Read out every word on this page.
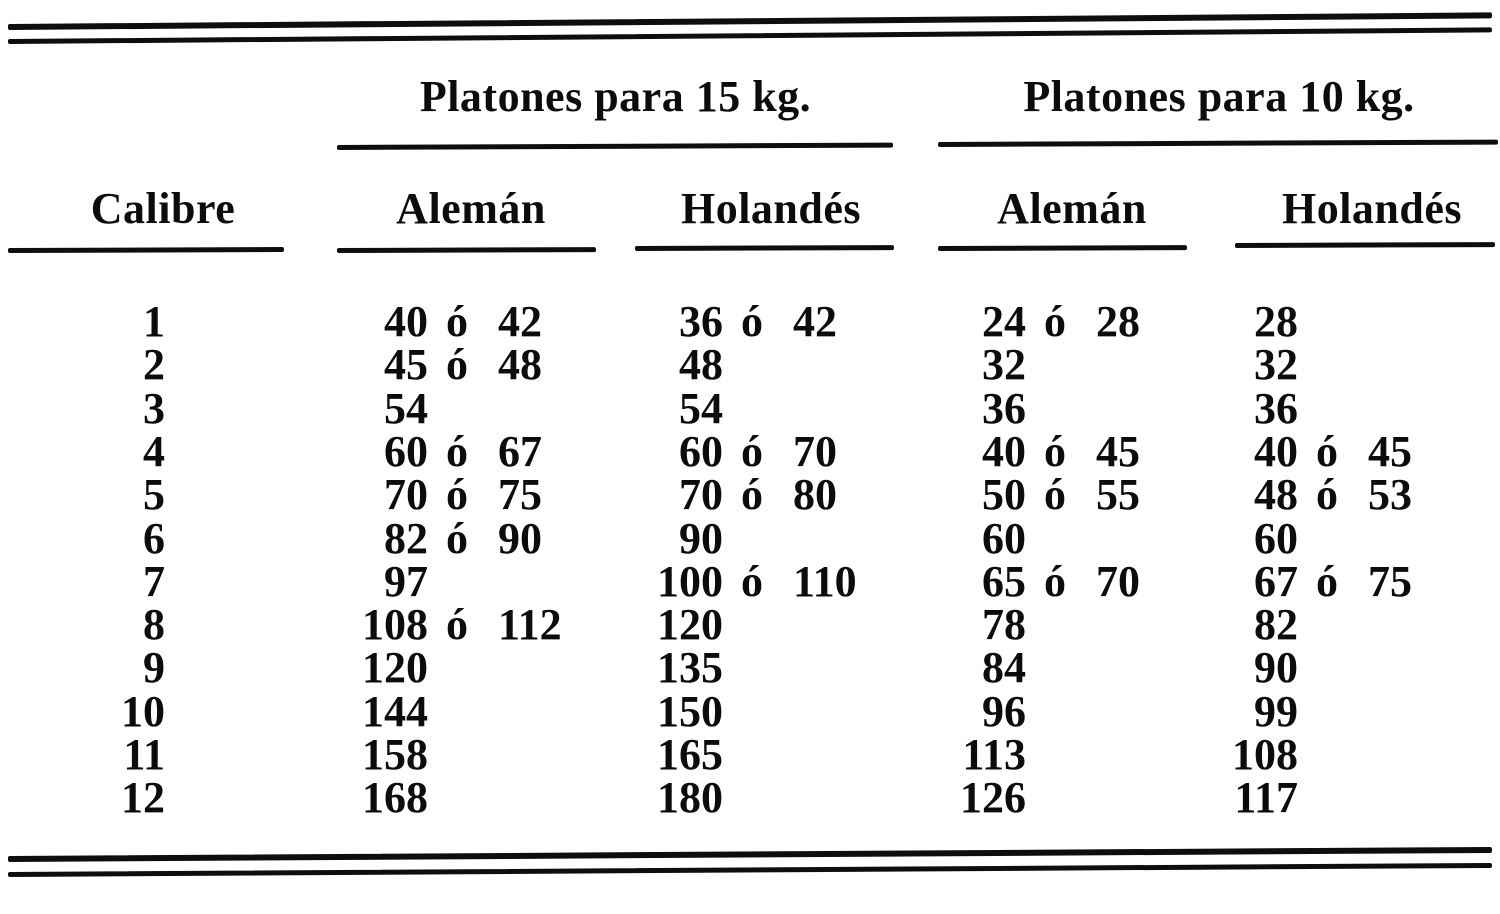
Platones para 15 kg.	Platones para 10 kg.
Calibre	Alemán	Holandés	Alemán	Holandés
1	40 ó 42	36 ó 42	24 ó 28	28
2	45 ó 48	48	32	32
3	54	54	36	36
4	60 ó 67	60 ó 70	40 ó 45	40 ó 45
5	70 ó 75	70 ó 80	50 ó 55	48 ó 53
6	82 ó 90	90	60	60
7	97	100 ó 110	65 ó 70	67 ó 75
8	108 ó 112	120	78	82
9	120	135	84	90
10	144	150	96	99
11	158	165	113	108
12	168	180	126	117
